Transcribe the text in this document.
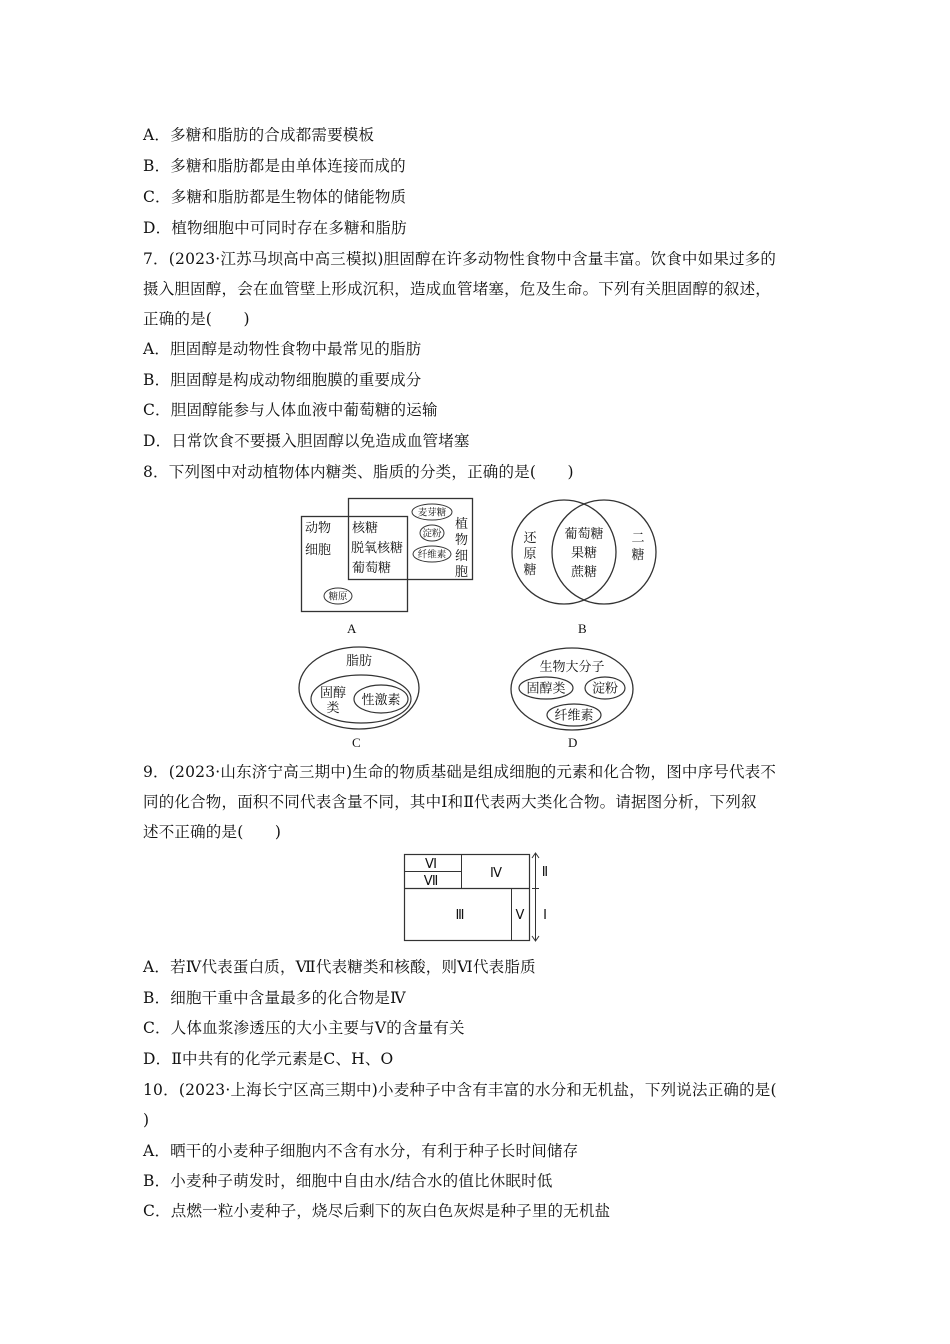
A．多糖和脂肪的合成都需要模板
B．多糖和脂肪都是由单体连接而成的
C．多糖和脂肪都是生物体的储能物质
D．植物细胞中可同时存在多糖和脂肪
7．(2023·江苏马坝高中高三模拟)胆固醇在许多动物性食物中含量丰富。饮食中如果过多的
摄入胆固醇，会在血管壁上形成沉积，造成血管堵塞，危及生命。下列有关胆固醇的叙述，
正确的是(　　)
A．胆固醇是动物性食物中最常见的脂肪
B．胆固醇是构成动物细胞膜的重要成分
C．胆固醇能参与人体血液中葡萄糖的运输
D．日常饮食不要摄入胆固醇以免造成血管堵塞
8．下列图中对动植物体内糖类、脂质的分类，正确的是(　　)
动物
细胞
核糖
脱氧核糖
葡萄糖
植
物
细
胞
麦芽糖
淀粉
纤维素
糖原
A
还
原
糖
葡萄糖
果糖
蔗糖
二
糖
B
脂肪
固醇
类
性激素
C
生物大分子
固醇类 淀粉
纤维素
D
9．(2023·山东济宁高三期中)生命的物质基础是组成细胞的元素和化合物，图中序号代表不
同的化合物，面积不同代表含量不同，其中Ⅰ和Ⅱ代表两大类化合物。请据图分析，下列叙
述不正确的是(　　)
Ⅵ
Ⅶ
Ⅳ
Ⅲ	Ⅴ
Ⅱ
Ⅰ
A．若Ⅳ代表蛋白质，Ⅶ代表糖类和核酸，则Ⅵ代表脂质
B．细胞干重中含量最多的化合物是Ⅳ
C．人体血浆渗透压的大小主要与Ⅴ的含量有关
D．Ⅱ中共有的化学元素是C、H、O
10．(2023·上海长宁区高三期中)小麦种子中含有丰富的水分和无机盐，下列说法正确的是(
)
A．晒干的小麦种子细胞内不含有水分，有利于种子长时间储存
B．小麦种子萌发时，细胞中自由水/结合水的值比休眠时低
C．点燃一粒小麦种子，烧尽后剩下的灰白色灰烬是种子里的无机盐
